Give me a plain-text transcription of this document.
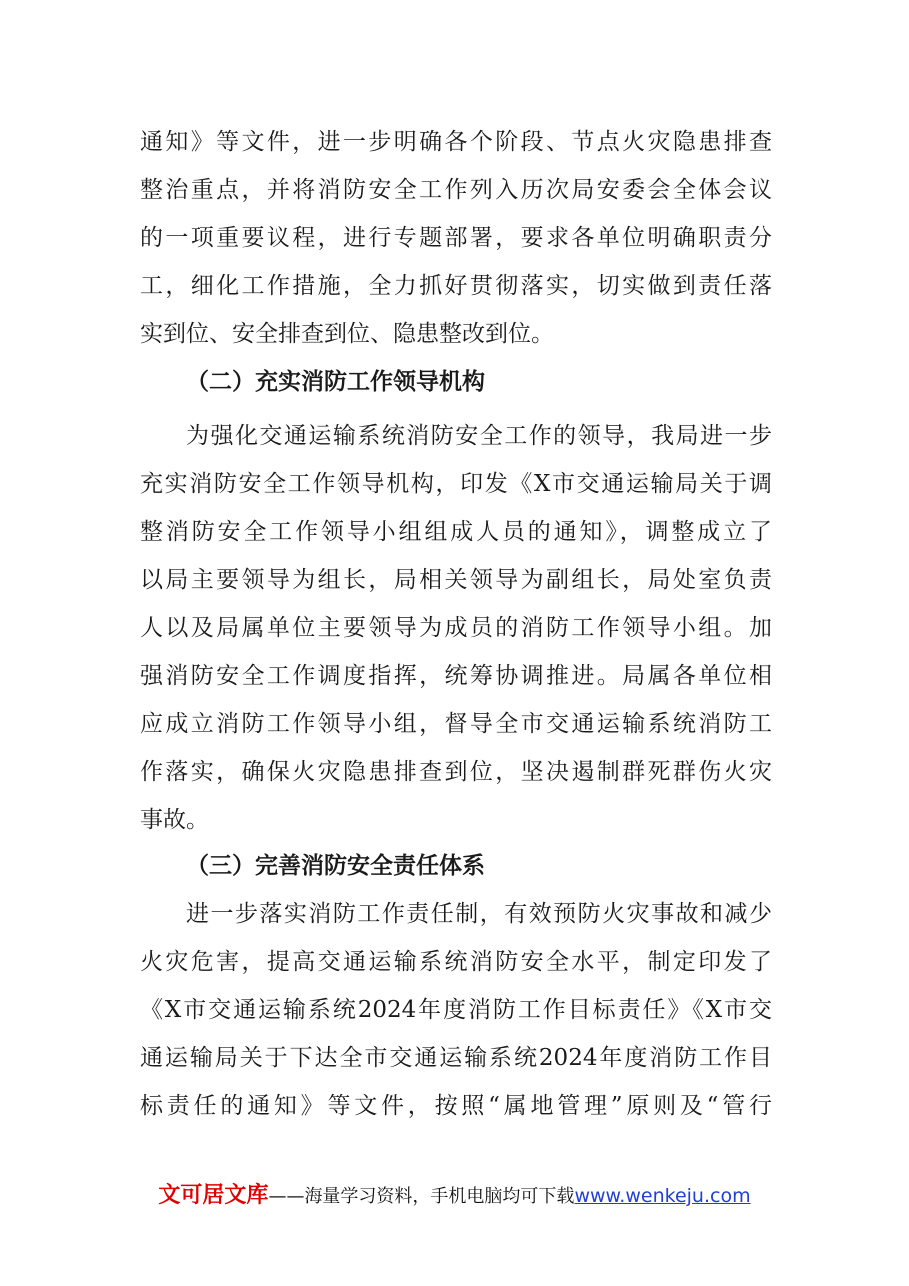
通知》等文件，进一步明确各个阶段、节点火灾隐患排查
整治重点，并将消防安全工作列入历次局安委会全体会议
的一项重要议程，进行专题部署，要求各单位明确职责分
工，细化工作措施，全力抓好贯彻落实，切实做到责任落
实到位、安全排查到位、隐患整改到位。
（二）充实消防工作领导机构
为强化交通运输系统消防安全工作的领导，我局进一步
充实消防安全工作领导机构，印发《X市交通运输局关于调
整消防安全工作领导小组组成人员的通知》，调整成立了
以局主要领导为组长，局相关领导为副组长，局处室负责
人以及局属单位主要领导为成员的消防工作领导小组。加
强消防安全工作调度指挥，统筹协调推进。局属各单位相
应成立消防工作领导小组，督导全市交通运输系统消防工
作落实，确保火灾隐患排查到位，坚决遏制群死群伤火灾
事故。
（三）完善消防安全责任体系
进一步落实消防工作责任制，有效预防火灾事故和减少
火灾危害，提高交通运输系统消防安全水平，制定印发了
《X市交通运输系统2024年度消防工作目标责任》《X市交
通运输局关于下达全市交通运输系统2024年度消防工作目
标责任的通知》等文件，按照“属地管理”原则及“管行
文可居文库——海量学习资料，手机电脑均可下载www.wenkeju.com
